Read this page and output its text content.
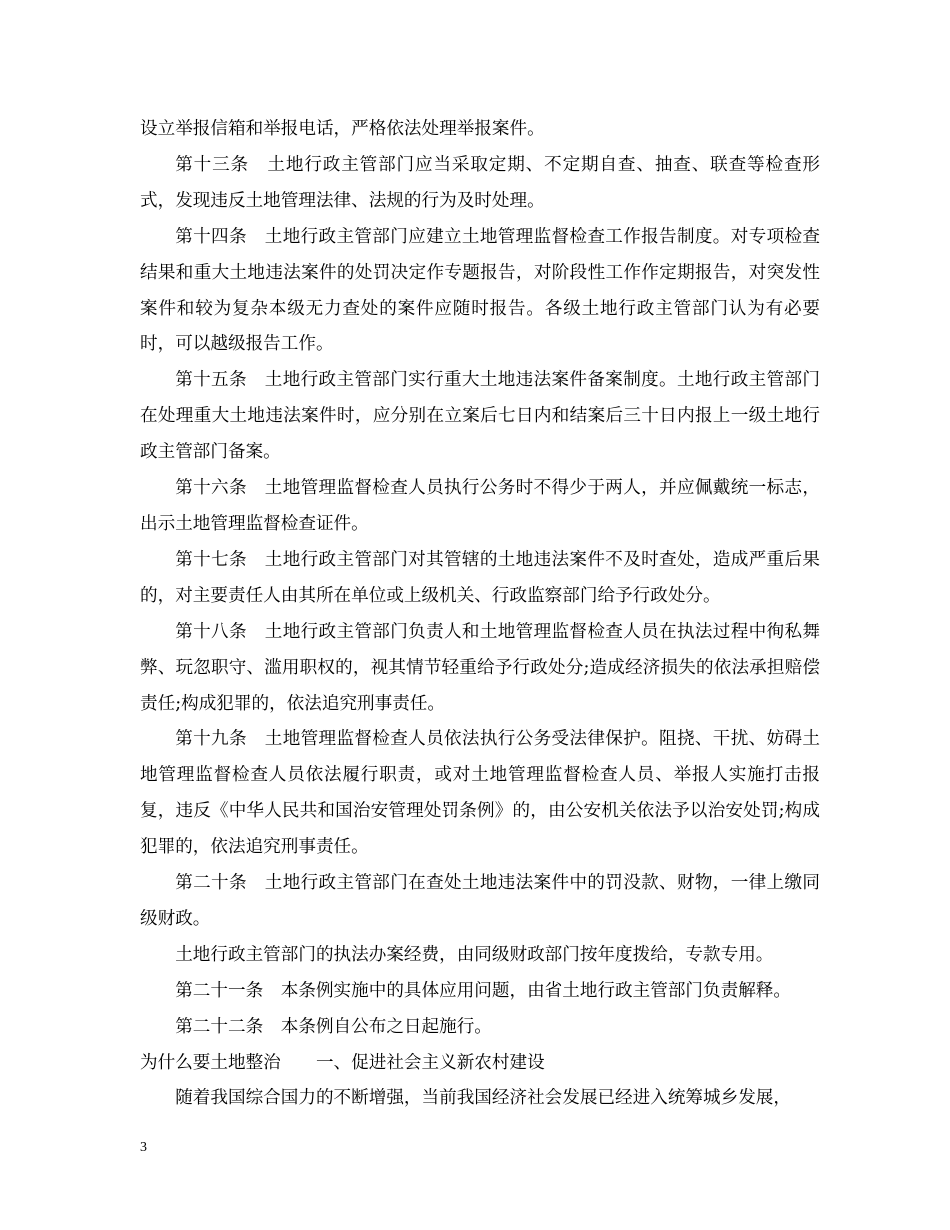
设立举报信箱和举报电话，严格依法处理举报案件。

第十三条　土地行政主管部门应当采取定期、不定期自查、抽查、联查等检查形式，发现违反土地管理法律、法规的行为及时处理。

第十四条　土地行政主管部门应建立土地管理监督检查工作报告制度。对专项检查结果和重大土地违法案件的处罚决定作专题报告，对阶段性工作作定期报告，对突发性案件和较为复杂本级无力查处的案件应随时报告。各级土地行政主管部门认为有必要时，可以越级报告工作。

第十五条　土地行政主管部门实行重大土地违法案件备案制度。土地行政主管部门在处理重大土地违法案件时，应分别在立案后七日内和结案后三十日内报上一级土地行政主管部门备案。

第十六条　土地管理监督检查人员执行公务时不得少于两人，并应佩戴统一标志，出示土地管理监督检查证件。

第十七条　土地行政主管部门对其管辖的土地违法案件不及时查处，造成严重后果的，对主要责任人由其所在单位或上级机关、行政监察部门给予行政处分。

第十八条　土地行政主管部门负责人和土地管理监督检查人员在执法过程中徇私舞弊、玩忽职守、滥用职权的，视其情节轻重给予行政处分;造成经济损失的依法承担赔偿责任;构成犯罪的，依法追究刑事责任。

第十九条　土地管理监督检查人员依法执行公务受法律保护。阻挠、干扰、妨碍土地管理监督检查人员依法履行职责，或对土地管理监督检查人员、举报人实施打击报复，违反《中华人民共和国治安管理处罚条例》的，由公安机关依法予以治安处罚;构成犯罪的，依法追究刑事责任。

第二十条　土地行政主管部门在查处土地违法案件中的罚没款、财物，一律上缴同级财政。

土地行政主管部门的执法办案经费，由同级财政部门按年度拨给，专款专用。

第二十一条　本条例实施中的具体应用问题，由省土地行政主管部门负责解释。

第二十二条　本条例自公布之日起施行。

为什么要土地整治　　一、促进社会主义新农村建设

随着我国综合国力的不断增强，当前我国经济社会发展已经进入统筹城乡发展，

3
